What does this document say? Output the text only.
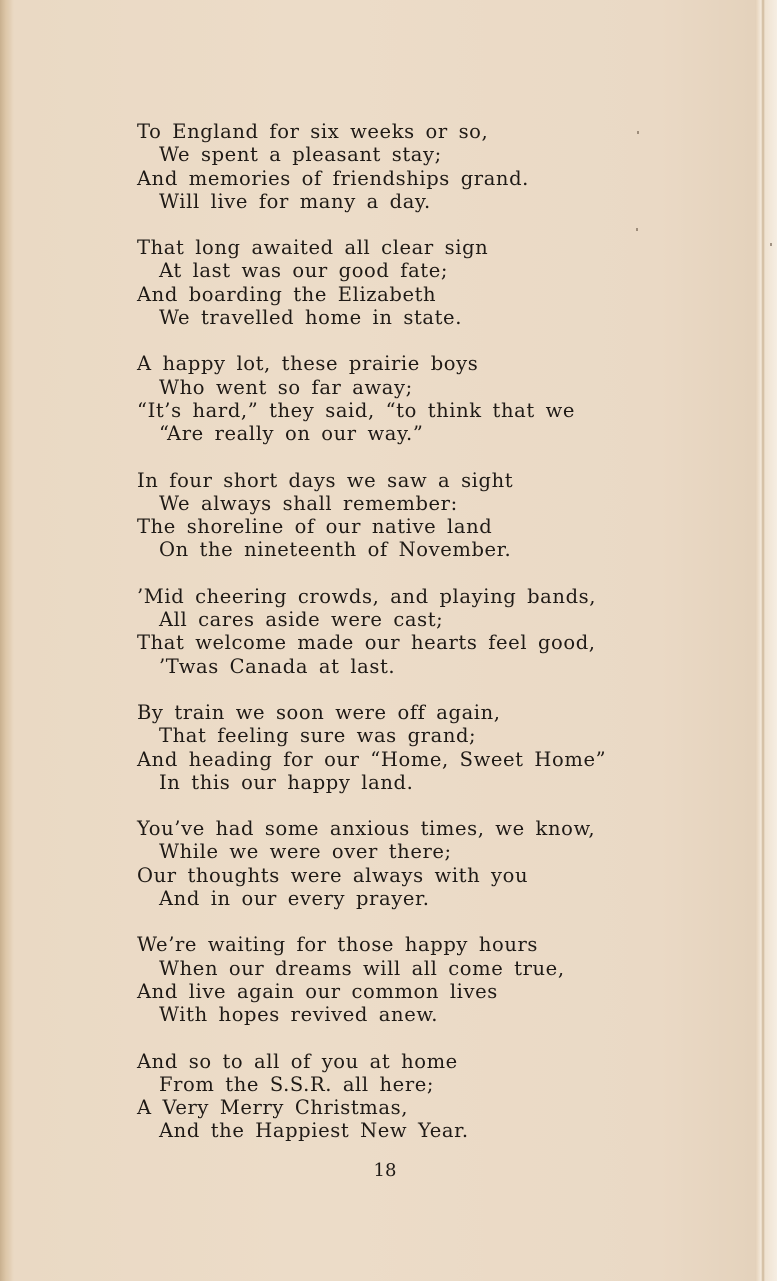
To England for six weeks or so,
We spent a pleasant stay;
And memories of friendships grand.
Will live for many a day.
That long awaited all clear sign
At last was our good fate;
And boarding the Elizabeth
We travelled home in state.
A happy lot, these prairie boys
Who went so far away;
“It’s hard,” they said, “to think that we
“Are really on our way.”
In four short days we saw a sight
We always shall remember:
The shoreline of our native land
On the nineteenth of November.
’Mid cheering crowds, and playing bands,
All cares aside were cast;
That welcome made our hearts feel good,
’Twas Canada at last.
By train we soon were off again,
That feeling sure was grand;
And heading for our “Home, Sweet Home”
In this our happy land.
You’ve had some anxious times, we know,
While we were over there;
Our thoughts were always with you
And in our every prayer.
We’re waiting for those happy hours
When our dreams will all come true,
And live again our common lives
With hopes revived anew.
And so to all of you at home
From the S.S.R. all here;
A Very Merry Christmas,
And the Happiest New Year.
18
